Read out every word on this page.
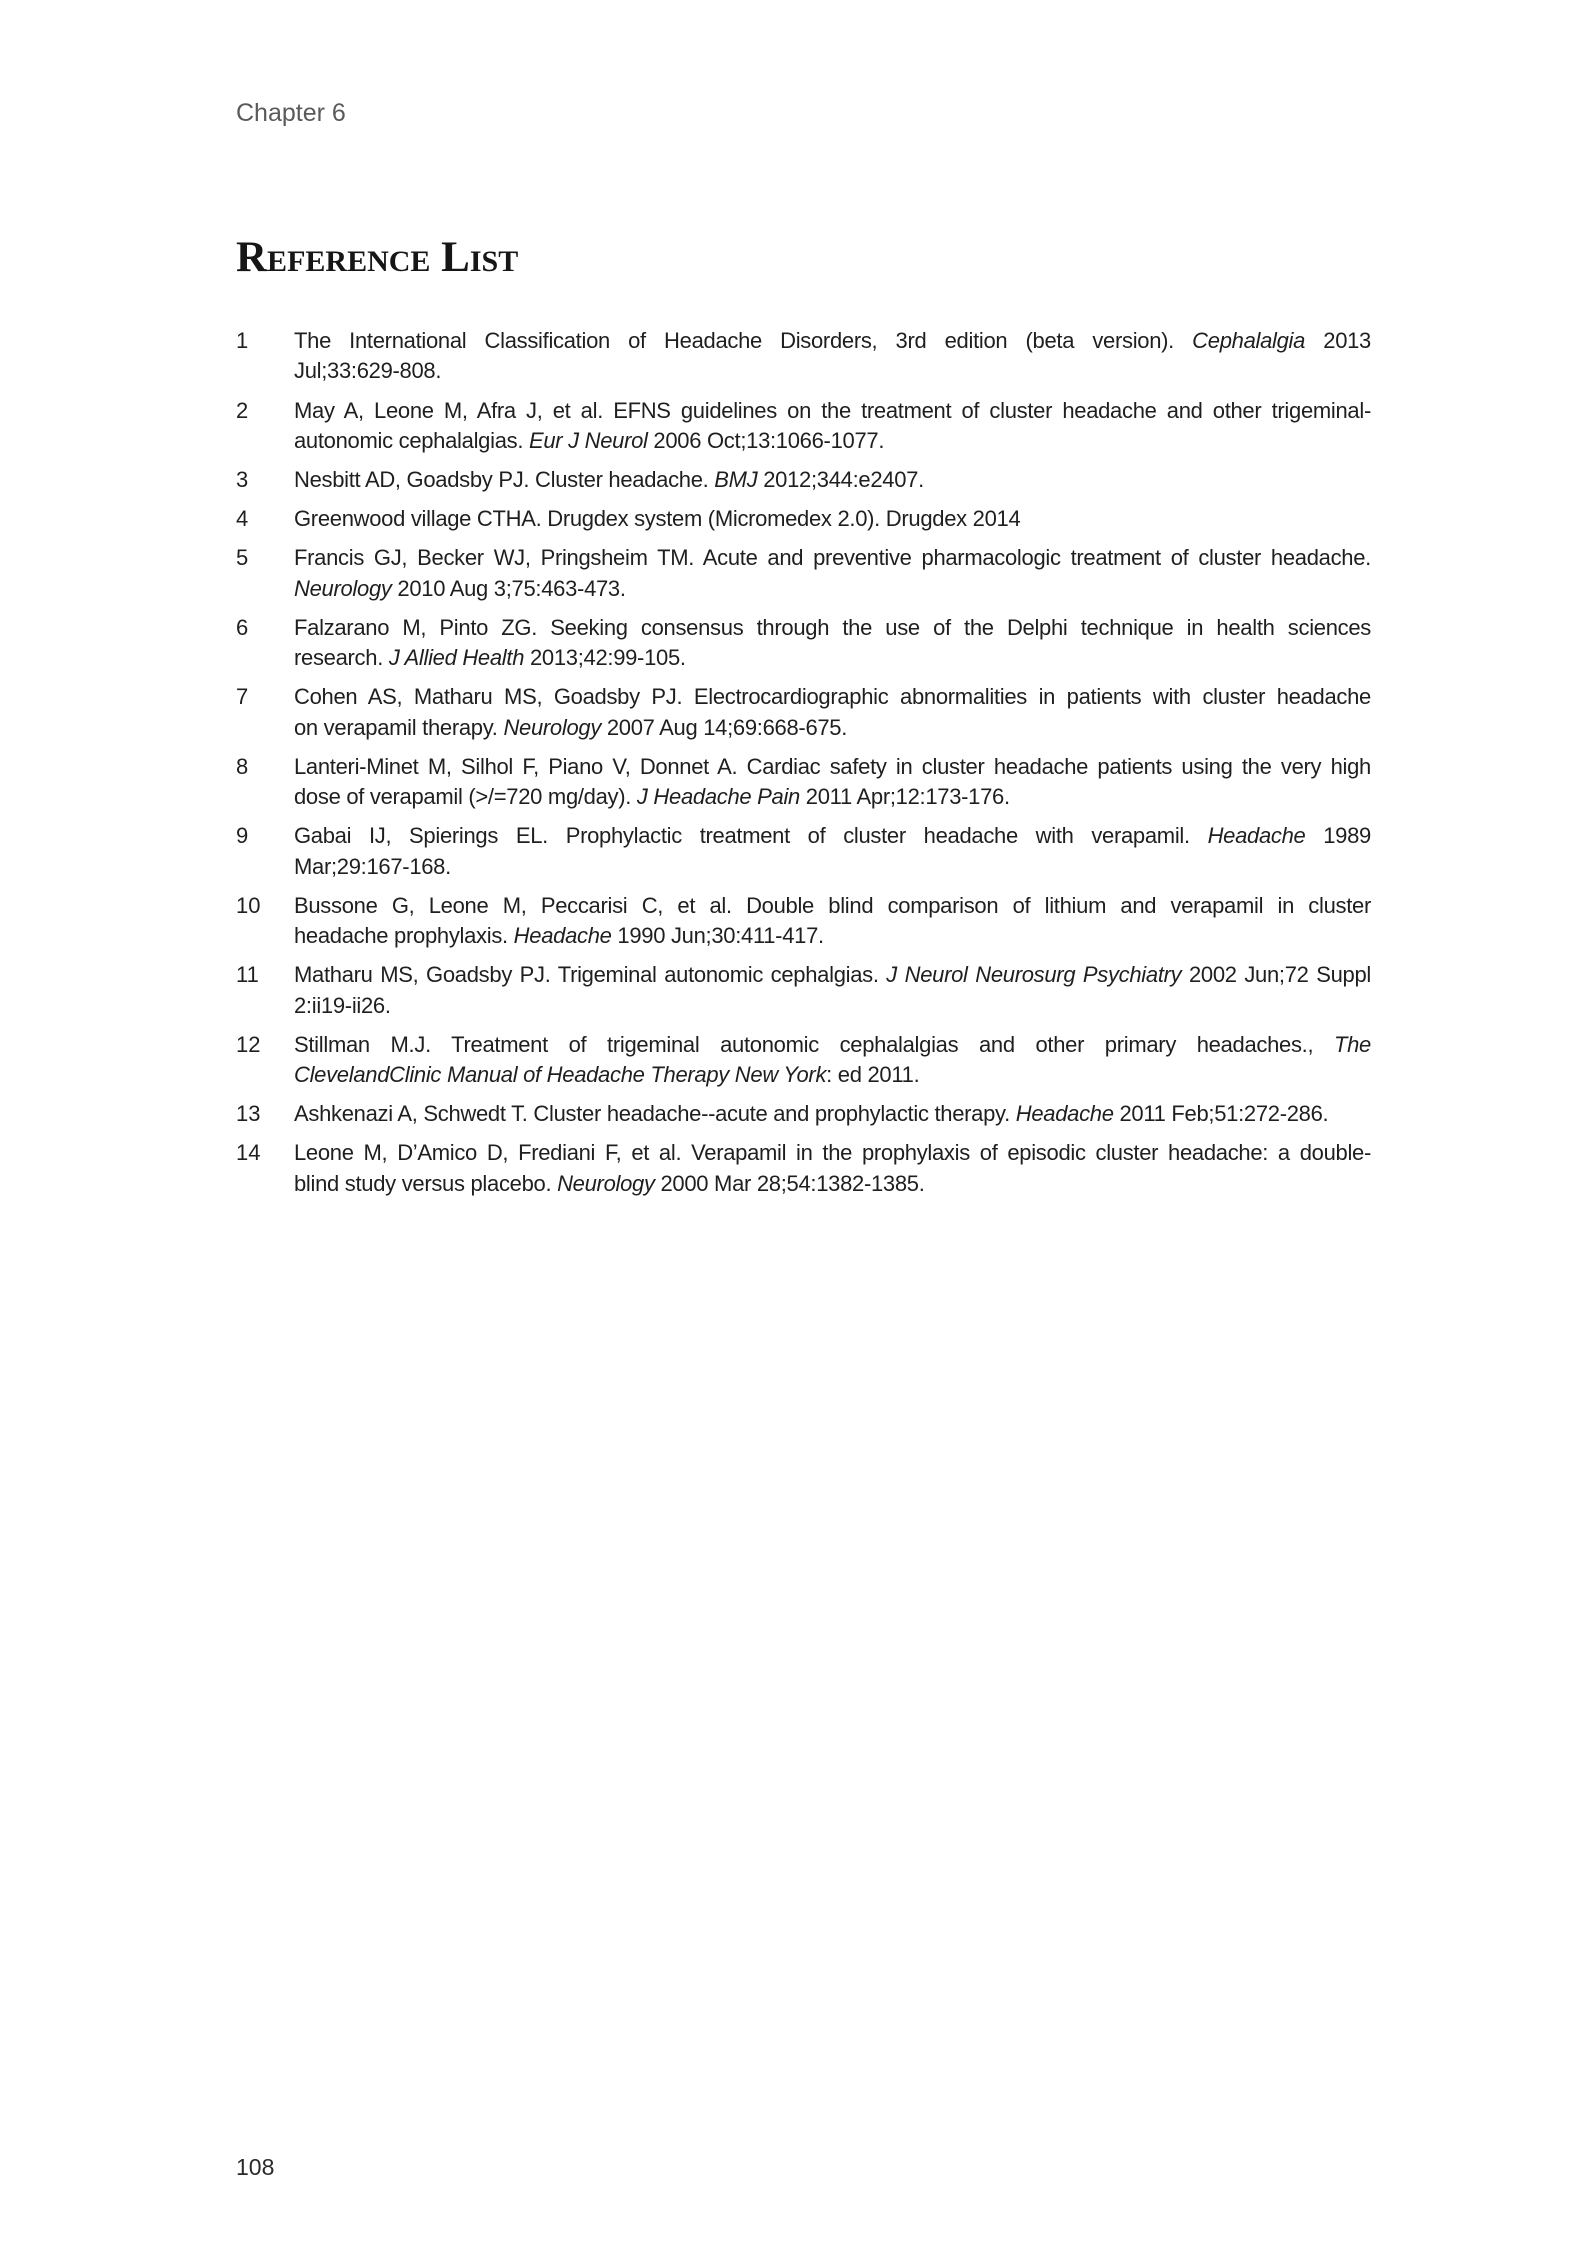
Chapter 6
Reference List
1 The International Classification of Headache Disorders, 3rd edition (beta version). Cephalalgia 2013
Jul;33:629-808.
2 May A, Leone M, Afra J, et al. EFNS guidelines on the treatment of cluster headache and other trigeminal-
autonomic cephalalgias. Eur J Neurol 2006 Oct;13:1066-1077.
3 Nesbitt AD, Goadsby PJ. Cluster headache. BMJ 2012;344:e2407.
4 Greenwood village CTHA. Drugdex system (Micromedex 2.0). Drugdex 2014
5 Francis GJ, Becker WJ, Pringsheim TM. Acute and preventive pharmacologic treatment of cluster headache.
Neurology 2010 Aug 3;75:463-473.
6 Falzarano M, Pinto ZG. Seeking consensus through the use of the Delphi technique in health sciences
research. J Allied Health 2013;42:99-105.
7 Cohen AS, Matharu MS, Goadsby PJ. Electrocardiographic abnormalities in patients with cluster headache
on verapamil therapy. Neurology 2007 Aug 14;69:668-675.
8 Lanteri-Minet M, Silhol F, Piano V, Donnet A. Cardiac safety in cluster headache patients using the very high
dose of verapamil (>/=720 mg/day). J Headache Pain 2011 Apr;12:173-176.
9 Gabai IJ, Spierings EL. Prophylactic treatment of cluster headache with verapamil. Headache 1989
Mar;29:167-168.
10 Bussone G, Leone M, Peccarisi C, et al. Double blind comparison of lithium and verapamil in cluster
headache prophylaxis. Headache 1990 Jun;30:411-417.
11 Matharu MS, Goadsby PJ. Trigeminal autonomic cephalgias. J Neurol Neurosurg Psychiatry 2002 Jun;72 Suppl
2:ii19-ii26.
12 Stillman M.J. Treatment of trigeminal autonomic cephalalgias and other primary headaches., The
ClevelandClinic Manual of Headache Therapy New York: ed 2011.
13 Ashkenazi A, Schwedt T. Cluster headache--acute and prophylactic therapy. Headache 2011 Feb;51:272-286.
14 Leone M, D’Amico D, Frediani F, et al. Verapamil in the prophylaxis of episodic cluster headache: a double-
blind study versus placebo. Neurology 2000 Mar 28;54:1382-1385.
108
